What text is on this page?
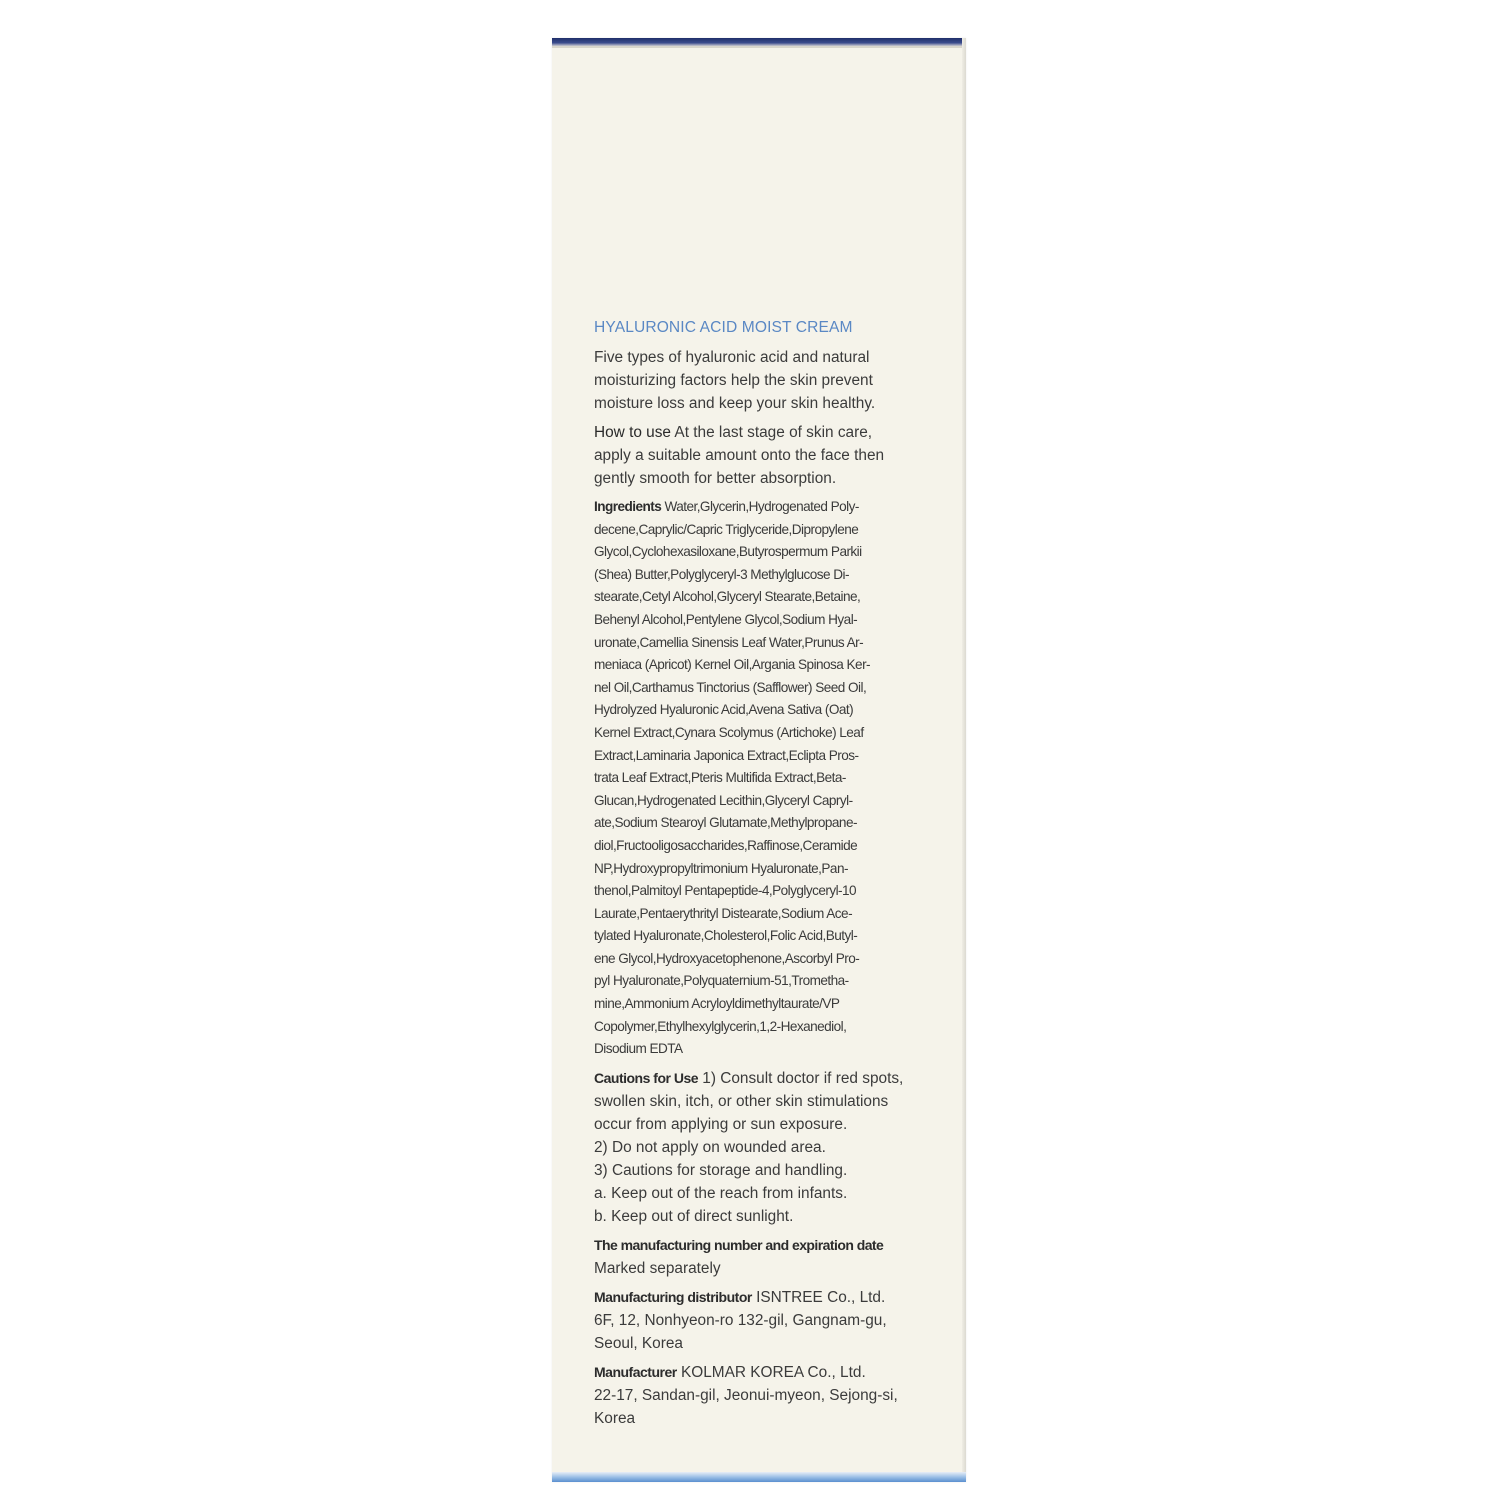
HYALURONIC ACID MOIST CREAM
Five types of hyaluronic acid and natural
moisturizing factors help the skin prevent
moisture loss and keep your skin healthy.
How to use At the last stage of skin care,
apply a suitable amount onto the face then
gently smooth for better absorption.
Ingredients Water,Glycerin,Hydrogenated Poly-
decene,Caprylic/Capric Triglyceride,Dipropylene
Glycol,Cyclohexasiloxane,Butyrospermum Parkii
(Shea) Butter,Polyglyceryl-3 Methylglucose Di-
stearate,Cetyl Alcohol,Glyceryl Stearate,Betaine,
Behenyl Alcohol,Pentylene Glycol,Sodium Hyal-
uronate,Camellia Sinensis Leaf Water,Prunus Ar-
meniaca (Apricot) Kernel Oil,Argania Spinosa Ker-
nel Oil,Carthamus Tinctorius (Safflower) Seed Oil,
Hydrolyzed Hyaluronic Acid,Avena Sativa (Oat)
Kernel Extract,Cynara Scolymus (Artichoke) Leaf
Extract,Laminaria Japonica Extract,Eclipta Pros-
trata Leaf Extract,Pteris Multifida Extract,Beta-
Glucan,Hydrogenated Lecithin,Glyceryl Capryl-
ate,Sodium Stearoyl Glutamate,Methylpropane-
diol,Fructooligosaccharides,Raffinose,Ceramide
NP,Hydroxypropyltrimonium Hyaluronate,Pan-
thenol,Palmitoyl Pentapeptide-4,Polyglyceryl-10
Laurate,Pentaerythrityl Distearate,Sodium Ace-
tylated Hyaluronate,Cholesterol,Folic Acid,Butyl-
ene Glycol,Hydroxyacetophenone,Ascorbyl Pro-
pyl Hyaluronate,Polyquaternium-51,Trometha-
mine,Ammonium Acryloyldimethyltaurate/VP
Copolymer,Ethylhexylglycerin,1,2-Hexanediol,
Disodium EDTA
Cautions for Use 1) Consult doctor if red spots,
swollen skin, itch, or other skin stimulations
occur from applying or sun exposure.
2) Do not apply on wounded area.
3) Cautions for storage and handling.
a. Keep out of the reach from infants.
b. Keep out of direct sunlight.
The manufacturing number and expiration date
Marked separately
Manufacturing distributor ISNTREE Co., Ltd.
6F, 12, Nonhyeon-ro 132-gil, Gangnam-gu,
Seoul, Korea
Manufacturer KOLMAR KOREA Co., Ltd.
22-17, Sandan-gil, Jeonui-myeon, Sejong-si,
Korea
